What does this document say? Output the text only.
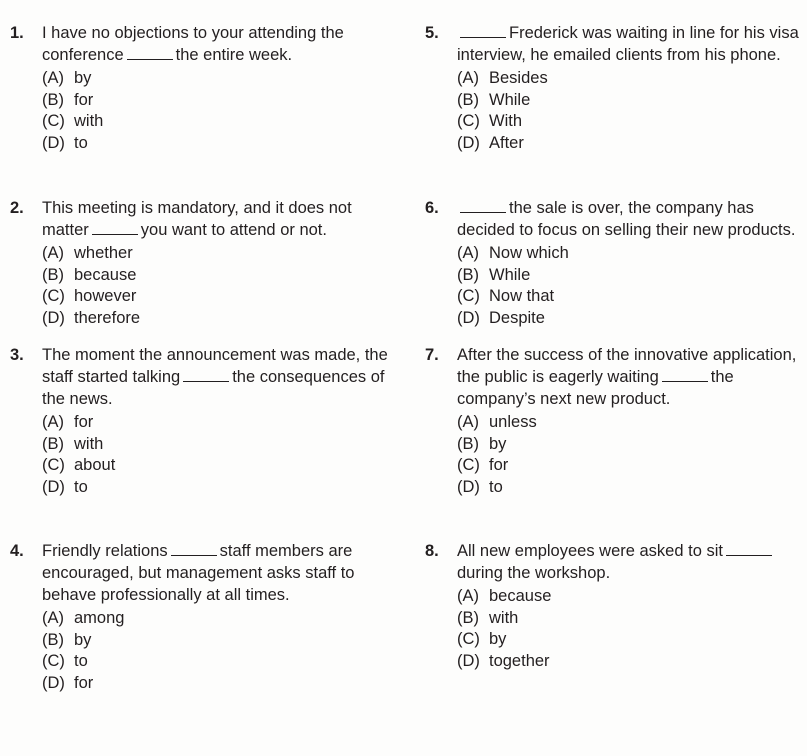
1.	I have no objections to your attending the
conference	the entire week.
(A) by
(B) for
(C) with
(D) to
2.	This meeting is mandatory, and it does not
matter	you want to attend or not.
(A) whether
(B) because
(C) however
(D) therefore
3.	The moment the announcement was made, the
staff started talking	the consequences of
the news.
(A) for
(B) with
(C) about
(D) to
4.	Friendly relations	staff members are
encouraged, but management asks staff to
behave professionally at all times.
(A) among
(B) by
(C) to
(D) for
5.	Frederick was waiting in line for his visa
interview, he emailed clients from his phone.
(A) Besides
(B) While
(C) With
(D) After
6.	the sale is over, the company has
decided to focus on selling their new products.
(A) Now which
(B) While
(C) Now that
(D) Despite
7.	After the success of the innovative application,
the public is eagerly waiting	the
company’s next new product.
(A) unless
(B) by
(C) for
(D) to
8.	All new employees were asked to sit
during the workshop.
(A) because
(B) with
(C) by
(D) together
